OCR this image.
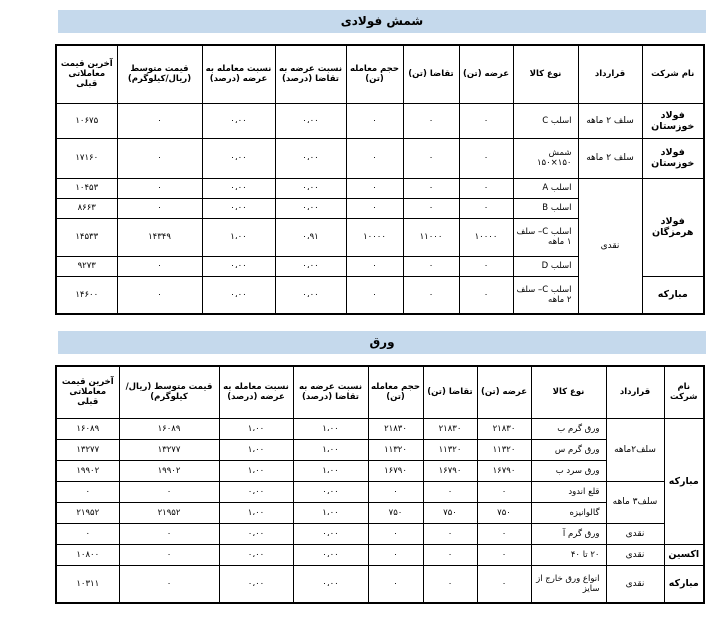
شمش فولادی
نام شرکت	قرارداد	نوع کالا	عرضه (تن)	تقاضا (تن)	حجم معامله (تن)	نسبت عرضه به تقاضا (درصد)	نسبت معامله به عرضه (درصد)	قیمت متوسط (ریال/کیلوگرم)	آخرین قیمت معاملاتی قبلی
فولاد خوزستان	سلف ۲ ماهه	اسلب C	۰	۰	۰	۰،۰۰	۰،۰۰	۰	۱۰۶۷۵
فولاد خوزستان	سلف ۲ ماهه	شمش ۱۵۰×۱۵۰	۰	۰	۰	۰،۰۰	۰،۰۰	۰	۱۷۱۶۰
فولاد هرمزگان	نقدی	اسلب A	۰	۰	۰	۰،۰۰	۰،۰۰	۰	۱۰۴۵۳
		اسلب B	۰	۰	۰	۰،۰۰	۰،۰۰	۰	۸۶۶۳
		اسلب C– سلف ۱ ماهه	۱۰۰۰۰	۱۱۰۰۰	۱۰۰۰۰	۰،۹۱	۱،۰۰	۱۴۳۴۹	۱۴۵۳۳
		اسلب D	۰	۰	۰	۰،۰۰	۰،۰۰	۰	۹۲۷۳
مبارکه		اسلب C– سلف ۲ ماهه	۰	۰	۰	۰،۰۰	۰،۰۰	۰	۱۴۶۰۰
ورق
نام شرکت	قرارداد	نوع کالا	عرضه (تن)	تقاضا (تن)	حجم معامله (تن)	نسبت عرضه به تقاضا (درصد)	نسبت معامله به عرضه (درصد)	قیمت متوسط (ریال/کیلوگرم)	آخرین قیمت معاملاتی قبلی
مبارکه	سلف۲ماهه	ورق گرم ب	۲۱۸۳۰	۲۱۸۳۰	۲۱۸۳۰	۱،۰۰	۱،۰۰	۱۶۰۸۹	۱۶۰۸۹
		ورق گرم س	۱۱۳۲۰	۱۱۳۲۰	۱۱۳۲۰	۱،۰۰	۱،۰۰	۱۳۲۷۷	۱۳۲۷۷
		ورق سرد ب	۱۶۷۹۰	۱۶۷۹۰	۱۶۷۹۰	۱،۰۰	۱،۰۰	۱۹۹۰۲	۱۹۹۰۲
	سلف۳ ماهه	قلع اندود	۰	۰	۰	۰،۰۰	۰،۰۰	۰	۰
		گالوانیزه	۷۵۰	۷۵۰	۷۵۰	۱،۰۰	۱،۰۰	۲۱۹۵۲	۲۱۹۵۲
	نقدی	ورق گرم آ	۰	۰	۰	۰،۰۰	۰،۰۰	۰	۰
اکسین	نقدی	۲۰ تا ۴۰	۰	۰	۰	۰،۰۰	۰،۰۰	۰	۱۰۸۰۰
مبارکه	نقدی	انواع ورق خارج از سایز	۰	۰	۰	۰،۰۰	۰،۰۰	۰	۱۰۳۱۱
